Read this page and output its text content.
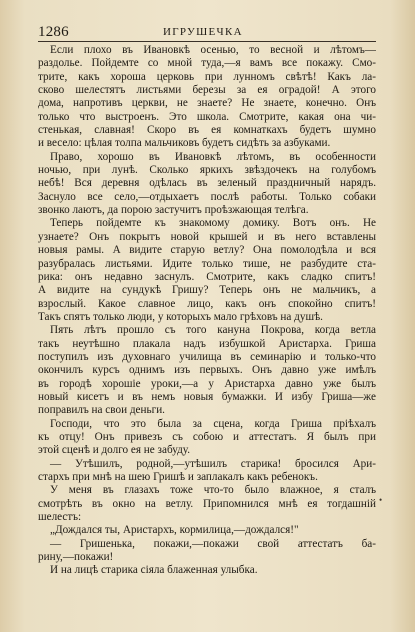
1286	ИГРУШЕЧКА
Если плохо въ Ивановкѣ осенью, то весной и лѣтомъ—
раздолье. Пойдемте со мной туда,—я вамъ все покажу. Смо-
трите, какъ хороша церковь при лунномъ свѣтѣ! Какъ ла-
сково шелестятъ листьями березы за ея оградой! А этого
дома, напротивъ церкви, не знаете? Не знаете, конечно. Онъ
только что выстроенъ. Это школа. Смотрите, какая она чи-
стенькая, славная! Скоро въ ея комнаткахъ будетъ шумно
и весело: цѣлая толпа мальчиковъ будетъ сидѣть за азбуками.
Право, хорошо въ Ивановкѣ лѣтомъ, въ особенности
ночью, при лунѣ. Сколько яркихъ звѣздочекъ на голубомъ
небѣ! Вся деревня одѣлась въ зеленый праздничный нарядъ.
Заснуло все село,—отдыхаетъ послѣ работы. Только собаки
звонко лаютъ, да порою застучитъ проѣзжающая телѣга.
Теперь пойдемте къ знакомому домику. Вотъ онъ. Не
узнаете? Онъ покрытъ новой крышей и въ него вставлены
новыя рамы. А видите старую ветлу? Она помолодѣла и вся
разубралась листьями. Идите только тише, не разбудите ста-
рика: онъ недавно заснулъ. Смотрите, какъ сладко спитъ!
А видите на сундукѣ Гришу? Теперь онъ не мальчикъ, а
взрослый. Какое славное лицо, какъ онъ спокойно спитъ!
Такъ спятъ только люди, у которыхъ мало грѣховъ на душѣ.
Пять лѣтъ прошло съ того кануна Покрова, когда ветла
такъ неутѣшно плакала надъ избушкой Аристарха. Гриша
поступилъ изъ духовнаго училища въ семинарію и только-что
окончилъ курсъ однимъ изъ первыхъ. Онъ давно уже имѣлъ
въ городѣ хорошіе уроки,—а у Аристарха давно уже былъ
новый кисетъ и въ немъ новыя бумажки. И избу Гриша—же
поправилъ на свои деньги.
Господи, что это была за сцена, когда Гриша пріѣхалъ
къ отцу! Онъ привезъ съ собою и аттестатъ. Я былъ при
этой сценѣ и долго ея не забуду.
— Утѣшилъ, родной,—утѣшилъ старика! бросился Ари-
стархъ при мнѣ на шею Гришѣ и заплакалъ какъ ребенокъ.
У меня въ глазахъ тоже что-то было влажное, я сталъ
смотрѣть въ окно на ветлу. Припомнился мнѣ ея тогдашній
шелестъ:
„Дождался ты, Аристархъ, кормилица,—дождался!"
— Гришенька, покажи,—покажи свой аттестатъ ба-
рину,—покажи!
И на лицѣ старика сіяла блаженная улыбка.
•
